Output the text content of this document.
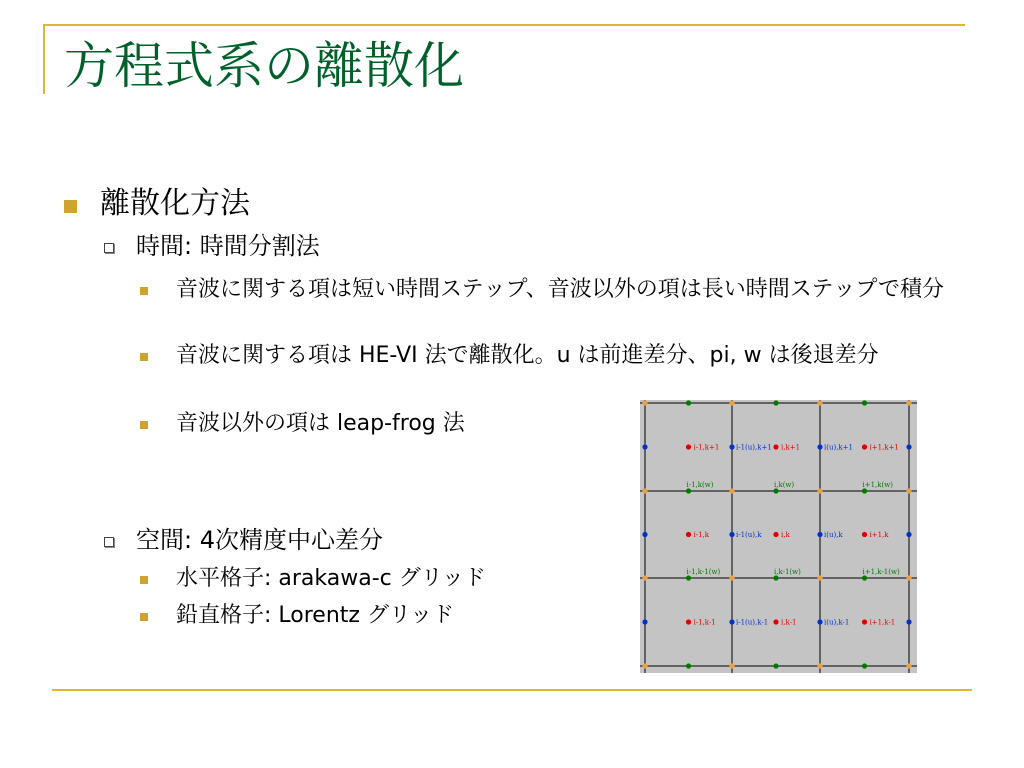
方程式系の離散化
離散化方法
時間: 時間分割法
音波に関する項は短い時間ステップ、音波以外の項は長い時間ステップで積分
音波に関する項は HE-VI 法で離散化。u は前進差分、pi, w は後退差分
音波以外の項は leap-frog 法
空間: 4次精度中心差分
水平格子: arakawa-c グリッド
鉛直格子: Lorentz グリッド
i-1,k+1	i,k+1	i+1,k+1
i-1,k	i,k	i+1,k
i-1,k-1	i,k-1	i+1,k-1
i-1(u),k+1	i(u),k+1
i-1(u),k	i(u),k
i-1(u),k-1	i(u),k-1
i-1,k(w)	i,k(w)	i+1,k(w)
i-1,k-1(w)	i,k-1(w)	i+1,k-1(w)
